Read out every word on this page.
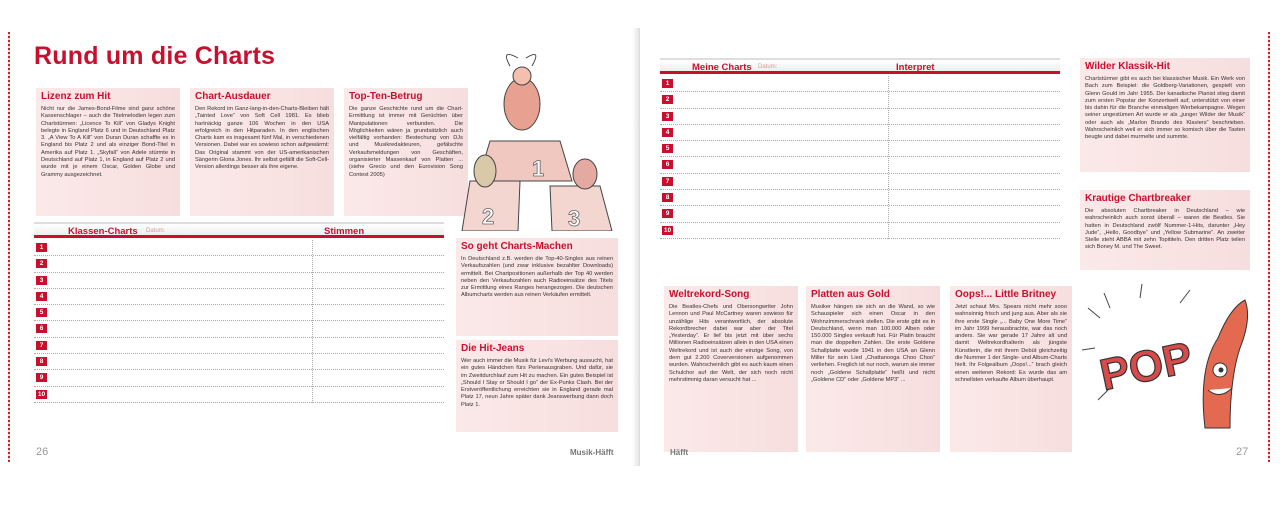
Rund um die Charts
Lizenz zum Hit

Nicht nur die James-Bond-Filme sind ganz schöne Kassenschlager – auch die Titelmelodien legen zum Chartstürmen: „Licence To Kill“ von Gladys Knight belegte in England Platz 6 und in Deutschland Platz 3. „A View To A Kill“ von Duran Duran schaffte es in England bis Platz 2 und als einziger Bond-Titel in Amerika auf Platz 1. „Skyfall“ von Adele stürmte in Deutschland auf Platz 1, in England auf Platz 2 und wurde mit je einem Oscar, Golden Globe und Grammy ausgezeichnet.

Chart-Ausdauer

Den Rekord im Ganz-lang-in-den-Charts-Bleiben hält „Tainted Love“ von Soft Cell 1981. Es blieb hartnäckig ganze 106 Wochen in den USA erfolgreich in den Hitparaden. In den englischen Charts kam es insgesamt fünf Mal, in verschiedenen Versionen. Dabei war es sowieso schon aufgewärmt: Das Original stammt von der US-amerikanischen Sängerin Gloria Jones. Ihr selbst gefällt die Soft-Cell-Version allerdings besser als ihre eigene.

Top-Ten-Betrug

Die ganze Geschichte rund um die Chart-Ermittlung ist immer mit Gerüchten über Manipulationen verbunden. Die Möglichkeiten wären ja grundsätzlich auch vielfältig vorhanden: Bestechung von DJs und Musikredakteuren, gefälschte Verkaufsmeldungen von Geschäften, organisierter Massenkauf von Platten ... (siehe Grecio und den Eurovision Song Contest 2005)	1
2	3
So geht Charts-Machen

In Deutschland z.B. werden die Top-40-Singles aus reinen Verkaufszahlen (und zwar inklusive bezahlter Downloads) ermittelt. Bei Chartpositionen außerhalb der Top 40 werden neben den Verkaufszahlen auch Radioeinsätze des Titels zur Ermittlung eines Ranges herangezogen. Die deutschen Albumcharts werden aus reinen Verkäufen ermittelt.

Die Hit-Jeans

Wer auch immer die Musik für Levi's Werbung aussucht, hat ein gutes Händchen fürs Perlenausgraben. Und dafür, sie im Zweitdurchlauf zum Hit zu machen. Ein gutes Beispiel ist „Should I Stay or Should I go“ der Ex-Punks Clash. Bei der Erstveröffentlichung erreichten sie in England gerade mal Platz 17, neun Jahre später dank Jeanswerbung dann doch Platz 1.

Klassen-Charts Datum:	Stimmen
1
2
3
4
5
6
7
8
9
10
26	Musik-Häfft
Meine Charts Datum:	Interpret
1
2
3
4
5
6
7
8
9
10
Wilder Klassik-Hit

Chartstürmer gibt es auch bei klassischer Musik. Ein Werk von Bach zum Beispiel: die Goldberg-Variationen, gespielt von Glenn Gould im Jahr 1955. Der kanadische Pianist stieg damit zum ersten Popstar der Konzertwelt auf, unterstützt von einer bis dahin für die Branche einmaligen Werbekampagne. Wegen seiner ungestümen Art wurde er als „junger Wilder der Musik“ oder auch als „Marlon Brando des Klaviers“ beschrieben. Wahrscheinlich weil er sich immer so komisch über die Tasten beugte und dabei murmelte und summte.

Krautige Chartbreaker

Die absoluten Chartbreaker in Deutschland – wie wahrscheinlich auch sonst überall – waren die Beatles. Sie hatten in Deutschland zwölf Nummer-1-Hits, darunter „Hey Jude“, „Hello, Goodbye“ und „Yellow Submarine“. An zweiter Stelle steht ABBA mit zehn Topititeln. Den dritten Platz teilen sich Boney M. und The Sweet.

Weltrekord-Song

Die Beatles-Chefs und Obersongwriter John Lennon und Paul McCartney waren sowieso für unzählige Hits verantwortlich, der absolute Rekordbrecher dabei war aber der Titel „Yesterday“. Er lief bis jetzt mit über sechs Millionen Radioeinsätzen allein in den USA einen Weltrekord und ist auch der einzige Song, von dem gut 2.200 Coverversionen aufgenommen wurden. Wahrscheinlich gibt es auch kaum einen Schulchor auf der Welt, der sich noch nicht mehrstimmig daran versucht hat ...

Platten aus Gold

Musiker hängen sie sich an die Wand, so wie Schauspieler sich einen Oscar in den Wohnzimmerschrank stellen. Die erste gibt es in Deutschland, wenn man 100.000 Alben oder 150.000 Singles verkauft hat. Für Platin braucht man die doppelten Zahlen. Die erste Goldene Schallplatte wurde 1941 in den USA an Glenn Miller für sein Lied „Chattanooga Choo Choo“ verliehen. Freglich ist nur noch, warum sie immer noch „Goldene Schallplatte“ heißt und nicht „Goldene CD“ oder „Goldene MP3“ ...

Oops!... Little Britney

Jetzt schaut Mrs. Spears nicht mehr sooo wahnsinnig frisch und jung aus. Aber als sie ihre erste Single „... Baby One More Time“ im Jahr 1999 herausbrachte, war das noch anders. Sie war gerade 17 Jahre alt und damit Weltrekordhalterin als jüngste Künstlerin, die mit ihrem Debüt gleichzeitig die Nummer 1 der Single- und Album-Charts hielt. Ihr Folgealbum „Oops!...“ brach gleich einen weiteren Rekord: Es wurde das am schnellsten verkaufte Album überhaupt. POP
Häfft	27
